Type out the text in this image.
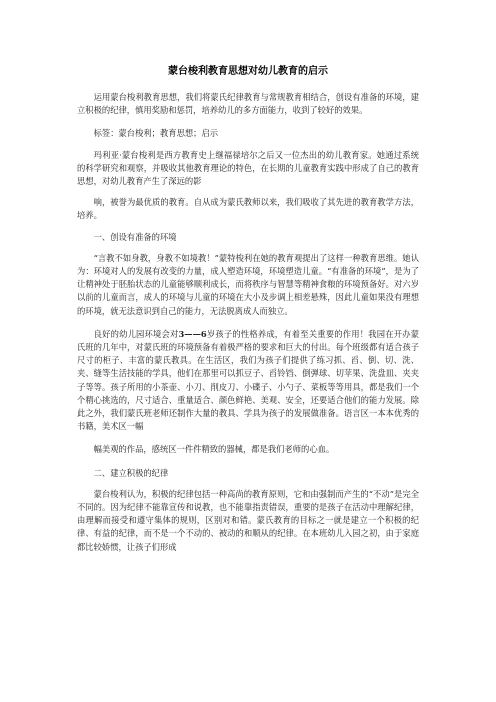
蒙台梭利教育思想对幼儿教育的启示

运用蒙台梭利教育思想，我们将蒙氏纪律教育与常规教育相结合，创设有准备的环境，建立积极的纪律，慎用奖励和惩罚，培养幼儿的多方面能力，收到了较好的效果。

标签：蒙台梭利；教育思想；启示

玛利亚·蒙台梭利是西方教育史上继福禄培尔之后又一位杰出的幼儿教育家。她通过系统的科学研究和观察，并吸收其他教育理论的特色，在长期的儿童教育实践中形成了自己的教育思想，对幼儿教育产生了深远的影

响，被誉为最优质的教育。自从成为蒙氏教师以来，我们吸收了其先进的教育教学方法，培养。

一、创设有准备的环境

“言教不如身教，身教不如境教！”蒙特梭利在她的教育观提出了这样一种教育思维。她认为：环境对人的发展有改变的力量，成人塑造环境，环境塑造儿童。“有准备的环境”，是为了让精神处于胚胎状态的儿童能够顺利成长，而将秩序与智慧等精神食粮的环境预备好。对六岁以前的儿童而言，成人的环境与儿童的环境在大小及步调上相差悬殊，因此儿童如果没有理想的环境，就无法意识到自己的能力，无法脱离成人而独立。

良好的幼儿园环境会对3——6岁孩子的性格养成，有着至关重要的作用！我园在开办蒙氏班的几年中，对蒙氏班的环境预备有着极严格的要求和巨大的付出。每个班级都有适合孩子尺寸的柜子、丰富的蒙氏教具。在生活区，我们为孩子们提供了练习抓、舀、倒、切、洗、夹、缝等生活技能的学具，他们在那里可以抓豆子、舀铃铛、倒弹球、切苹果、洗盘皿、夹夹子等等。孩子所用的小茶壶、小刀、削皮刀、小碟子、小勺子、菜板等等用具，都是我们一个个精心挑选的，尺寸适合、重量适合、颜色鲜艳、美观、安全，还要适合他们的能力发展。除此之外，我们蒙氏班老师还制作大量的教具、学具为孩子的发展做准备。语言区一本本优秀的书籍，美术区一幅

幅美观的作品，感统区一件件精致的器械，都是我们老师的心血。

二、建立积极的纪律

蒙台梭利认为，积极的纪律包括一种高尚的教育原则，它和由强制而产生的“不动”是完全不同的。因为纪律不能靠宣传和说教，也不能靠指责错误，重要的是孩子在活动中理解纪律，由理解而接受和遵守集体的规则，区别对和错。蒙氏教育的目标之一就是建立一个积极的纪律、有益的纪律，而不是一个不动的、被动的和顺从的纪律。在本班幼儿入园之初，由于家庭都比较娇惯，让孩子们形成
